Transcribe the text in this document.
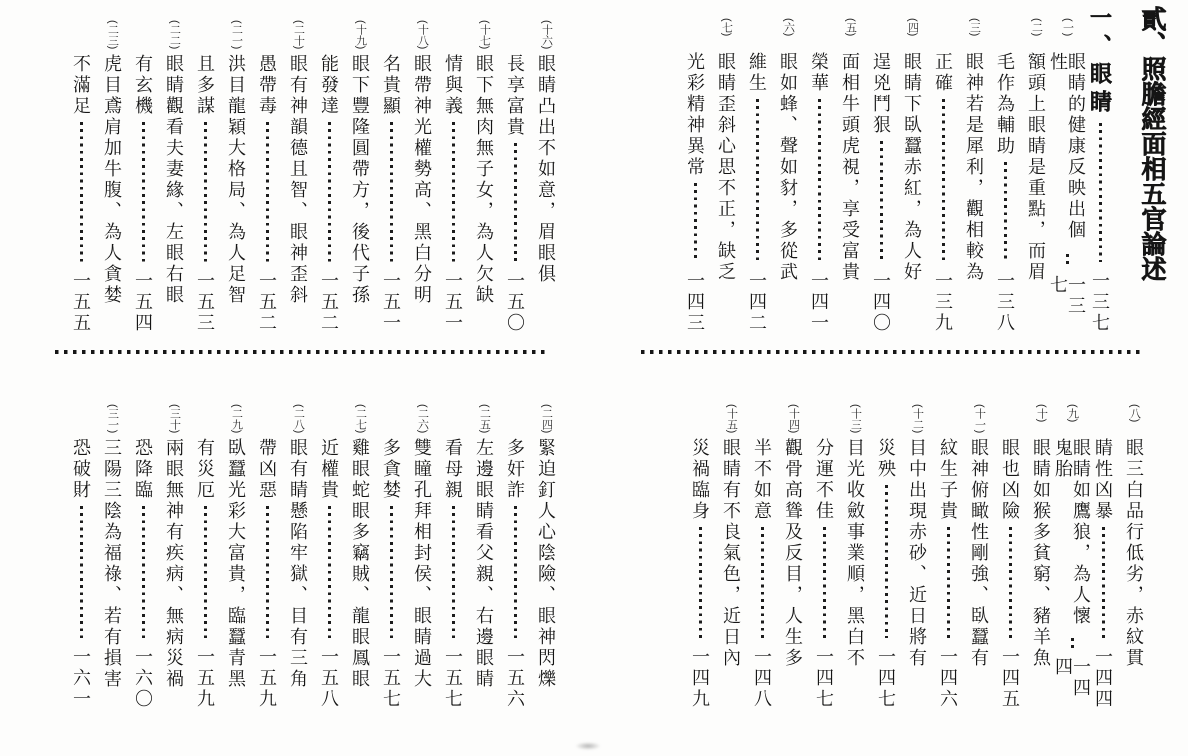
(十六)
眼睛凸出不如意，眉眼俱
長享富貴
一五〇
(十七)
眼下無肉無子女，為人欠缺
情與義
一五一
(十八)
眼帶神光權勢高、黑白分明
名貴顯
一五一
(十九)
眼下豐隆圓帶方，後代子孫
能發達
一五二
(二十)
眼有神韻德且智、眼神歪斜
愚帶毒
一五二
(二一)
洪目龍穎大格局、為人足智
且多謀
一五三
(二二)
眼睛觀看夫妻緣、左眼右眼
有玄機
一五四
(二三)
虎目鳶肩加牛腹、為人貪婪
不滿足
一五五
(二四)
緊迫釘人心陰險、眼神閃爍
多奸詐
一五六
(二五)
左邊眼睛看父親、右邊眼睛
看母親
一五七
(二六)
雙瞳孔拜相封侯、眼睛過大
多貪婪
一五七
(二七)
雞眼蛇眼多竊賊、龍眼鳳眼
近權貴
一五八
(二八)
眼有睛懸陷牢獄、目有三角
帶凶惡
一五九
(二九)
臥蠶光彩大富貴，臨蠶青黑
有災厄
一五九
(三十)
兩眼無神有疾病、無病災禍
恐降臨
一六〇
(三一)
三陽三陰為福祿、若有損害
恐破財
一六一
貳、照膽經面相五官論述
一、眼睛
一三七
(一)
眼睛的健康反映出個性
一三七
(二)
額頭上眼睛是重點，而眉
毛作為輔助
一三八
(三)
眼神若是犀利，觀相較為
正確
一三九
(四)
眼睛下臥蠶赤紅，為人好
逞兇鬥狠
一四〇
(五)
面相牛頭虎視，享受富貴
榮華
一四一
(六)
眼如蜂、聲如豺，多從武
維生
一四二
(七)
眼睛歪斜心思不正，缺乏
光彩精神異常
一四三
(八)
眼三白品行低劣，赤紋貫
睛性凶暴
一四四
(九)
眼睛如鷹狼，為人懷鬼胎
一四四
(十)
眼睛如猴多貧窮、豬羊魚
眼也凶險
一四五
(十一)
眼神俯瞰性剛強、臥蠶有
紋生子貴
一四六
(十二)
目中出現赤砂、近日將有
災殃
一四七
(十三)
目光收斂事業順，黑白不
分運不佳
一四七
(十四)
觀骨高聳及反目，人生多
半不如意
一四八
(十五)
眼睛有不良氣色，近日內
災禍臨身
一四九
